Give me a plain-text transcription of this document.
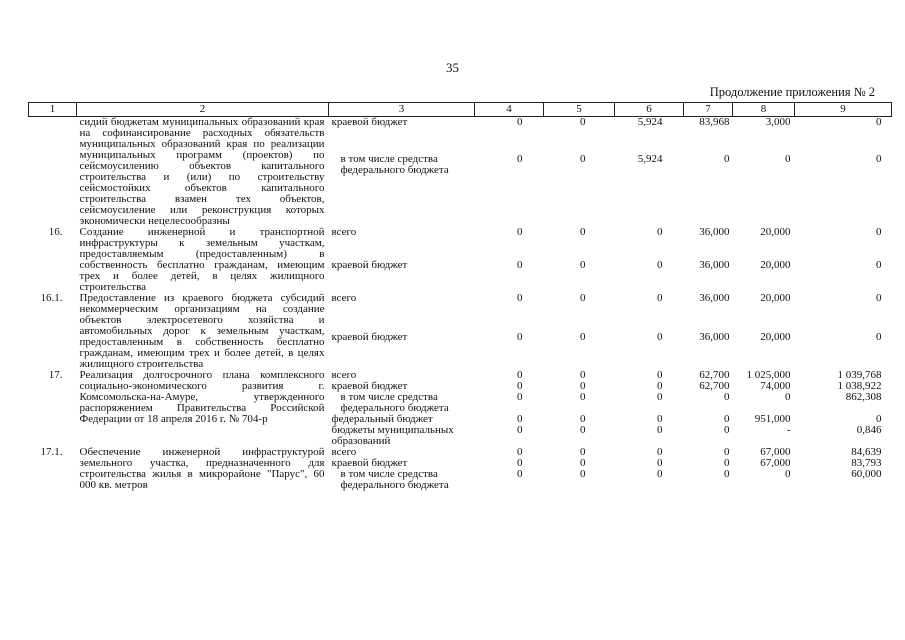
35
Продолжение приложения № 2
1	2	3	4	5	6	7	8	9
	сидий бюджетам муниципальных образований края на софинансирование расходных обязательств муниципальных образований края по реализации муниципальных программ (проектов) по сейсмоусилению объектов капитального строительства и (или) по строительству сейсмостойких объектов капитального строительства взамен тех объектов, сейсмоусиление или реконструкция которых экономически нецелесообразны	краевой бюджет	0	0	5,924	83,968	3,000	0
		в том числе средства федерального бюджета	0	0	5,924	0	0	0
16.	Создание инженерной и транспортной инфраструктуры к земельным участкам, предоставляемым (предоставленным) в собственность бесплатно гражданам, имеющим трех и более детей, в целях жилищного строительства	всего	0	0	0	36,000	20,000	0
		краевой бюджет	0	0	0	36,000	20,000	0
16.1.	Предоставление из краевого бюджета субсидий некоммерческим организациям на создание объектов электросетевого хозяйства и автомобильных дорог к земельным участкам, предоставленным в собственность бесплатно гражданам, имеющим трех и более детей, в целях жилищного строительства	всего	0	0	0	36,000	20,000	0
		краевой бюджет	0	0	0	36,000	20,000	0
17.	Реализация долгосрочного плана комплексного социально-экономического развития г. Комсомольска-на-Амуре, утвержденного распоряжением Правительства Российской Федерации от 18 апреля 2016 г. № 704-р	всего	0	0	0	62,700	1 025,000	1 039,768
		краевой бюджет	0	0	0	62,700	74,000	1 038,922
		в том числе средства федерального бюджета	0	0	0	0	0	862,308
		федеральный бюджет	0	0	0	0	951,000	0
		бюджеты муниципальных образований	0	0	0	0	-	0,846
17.1.	Обеспечение инженерной инфраструктурой земельного участка, предназначенного для строительства жилья в микрорайоне "Парус", 60 000 кв. метров	всего	0	0	0	0	67,000	84,639
		краевой бюджет	0	0	0	0	67,000	83,793
		в том числе средства федерального бюджета	0	0	0	0	0	60,000
